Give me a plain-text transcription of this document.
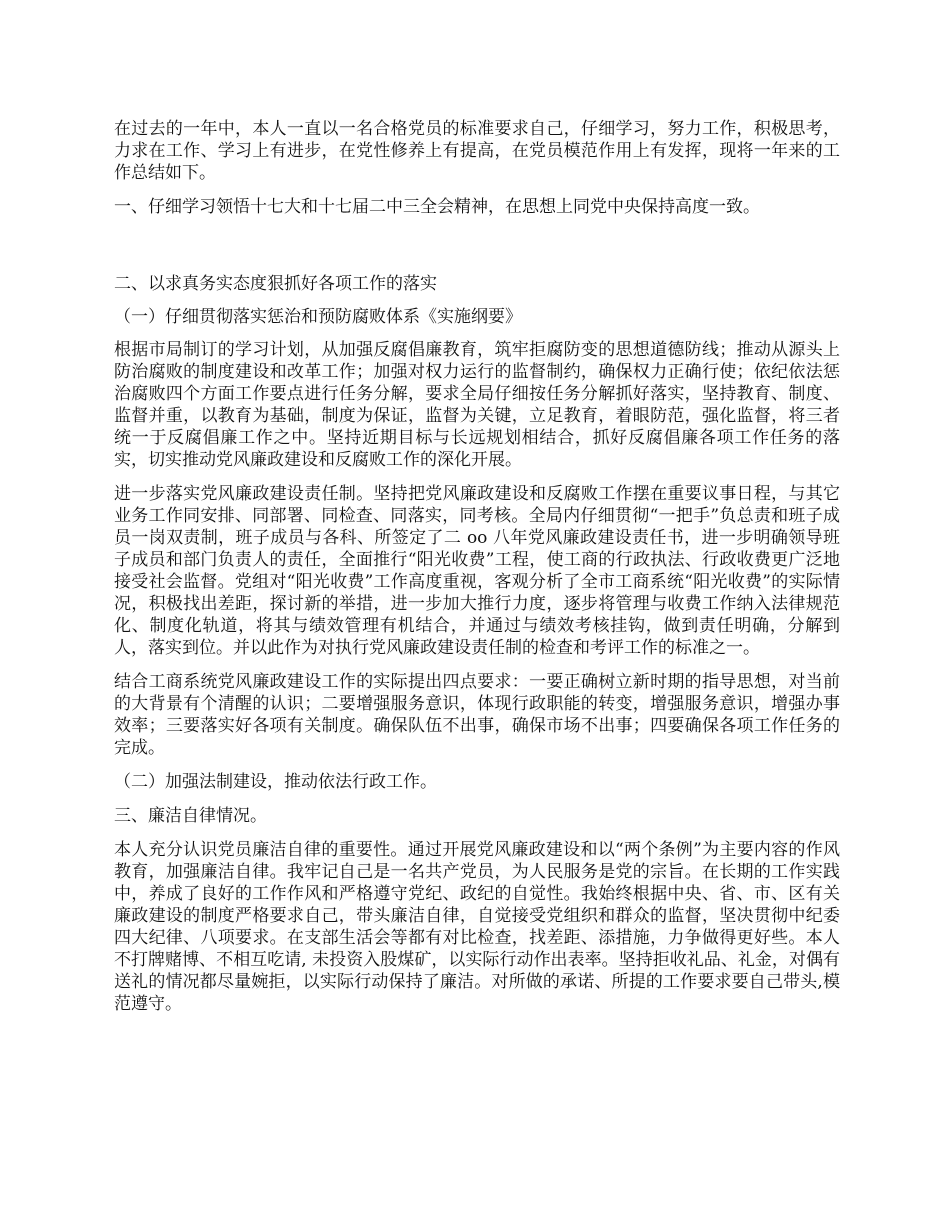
在过去的一年中，本人一直以一名合格党员的标准要求自己，仔细学习，努力工作，积极思考，力求在工作、学习上有进步，在党性修养上有提高，在党员模范作用上有发挥，现将一年来的工作总结如下。

一、仔细学习领悟十七大和十七届二中三全会精神，在思想上同党中央保持高度一致。

二、以求真务实态度狠抓好各项工作的落实

（一）仔细贯彻落实惩治和预防腐败体系《实施纲要》

根据市局制订的学习计划，从加强反腐倡廉教育，筑牢拒腐防变的思想道德防线；推动从源头上防治腐败的制度建设和改革工作；加强对权力运行的监督制约，确保权力正确行使；依纪依法惩治腐败四个方面工作要点进行任务分解，要求全局仔细按任务分解抓好落实，坚持教育、制度、监督并重，以教育为基础，制度为保证，监督为关键，立足教育，着眼防范，强化监督，将三者统一于反腐倡廉工作之中。坚持近期目标与长远规划相结合，抓好反腐倡廉各项工作任务的落实，切实推动党风廉政建设和反腐败工作的深化开展。

进一步落实党风廉政建设责任制。坚持把党风廉政建设和反腐败工作摆在重要议事日程，与其它业务工作同安排、同部署、同检查、同落实，同考核。全局内仔细贯彻“一把手”负总责和班子成员一岗双责制，班子成员与各科、所签定了二 oo 八年党风廉政建设责任书，进一步明确领导班子成员和部门负责人的责任，全面推行“阳光收费”工程，使工商的行政执法、行政收费更广泛地接受社会监督。党组对“阳光收费”工作高度重视，客观分析了全市工商系统“阳光收费”的实际情况，积极找出差距，探讨新的举措，进一步加大推行力度，逐步将管理与收费工作纳入法律规范化、制度化轨道，将其与绩效管理有机结合，并通过与绩效考核挂钩，做到责任明确，分解到人，落实到位。并以此作为对执行党风廉政建设责任制的检查和考评工作的标准之一。

结合工商系统党风廉政建设工作的实际提出四点要求：一要正确树立新时期的指导思想，对当前的大背景有个清醒的认识；二要增强服务意识，体现行政职能的转变，增强服务意识，增强办事效率；三要落实好各项有关制度。确保队伍不出事，确保市场不出事；四要确保各项工作任务的完成。

（二）加强法制建设，推动依法行政工作。

三、廉洁自律情况。

本人充分认识党员廉洁自律的重要性。通过开展党风廉政建设和以“两个条例”为主要内容的作风教育，加强廉洁自律。我牢记自己是一名共产党员，为人民服务是党的宗旨。在长期的工作实践中，养成了良好的工作作风和严格遵守党纪、政纪的自觉性。我始终根据中央、省、市、区有关廉政建设的制度严格要求自己，带头廉洁自律，自觉接受党组织和群众的监督，坚决贯彻中纪委四大纪律、八项要求。在支部生活会等都有对比检查，找差距、添措施，力争做得更好些。本人不打牌赌博、不相互吃请, 未投资入股煤矿，以实际行动作出表率。坚持拒收礼品、礼金，对偶有送礼的情况都尽量婉拒，以实际行动保持了廉洁。对所做的承诺、所提的工作要求要自己带头,模范遵守。
